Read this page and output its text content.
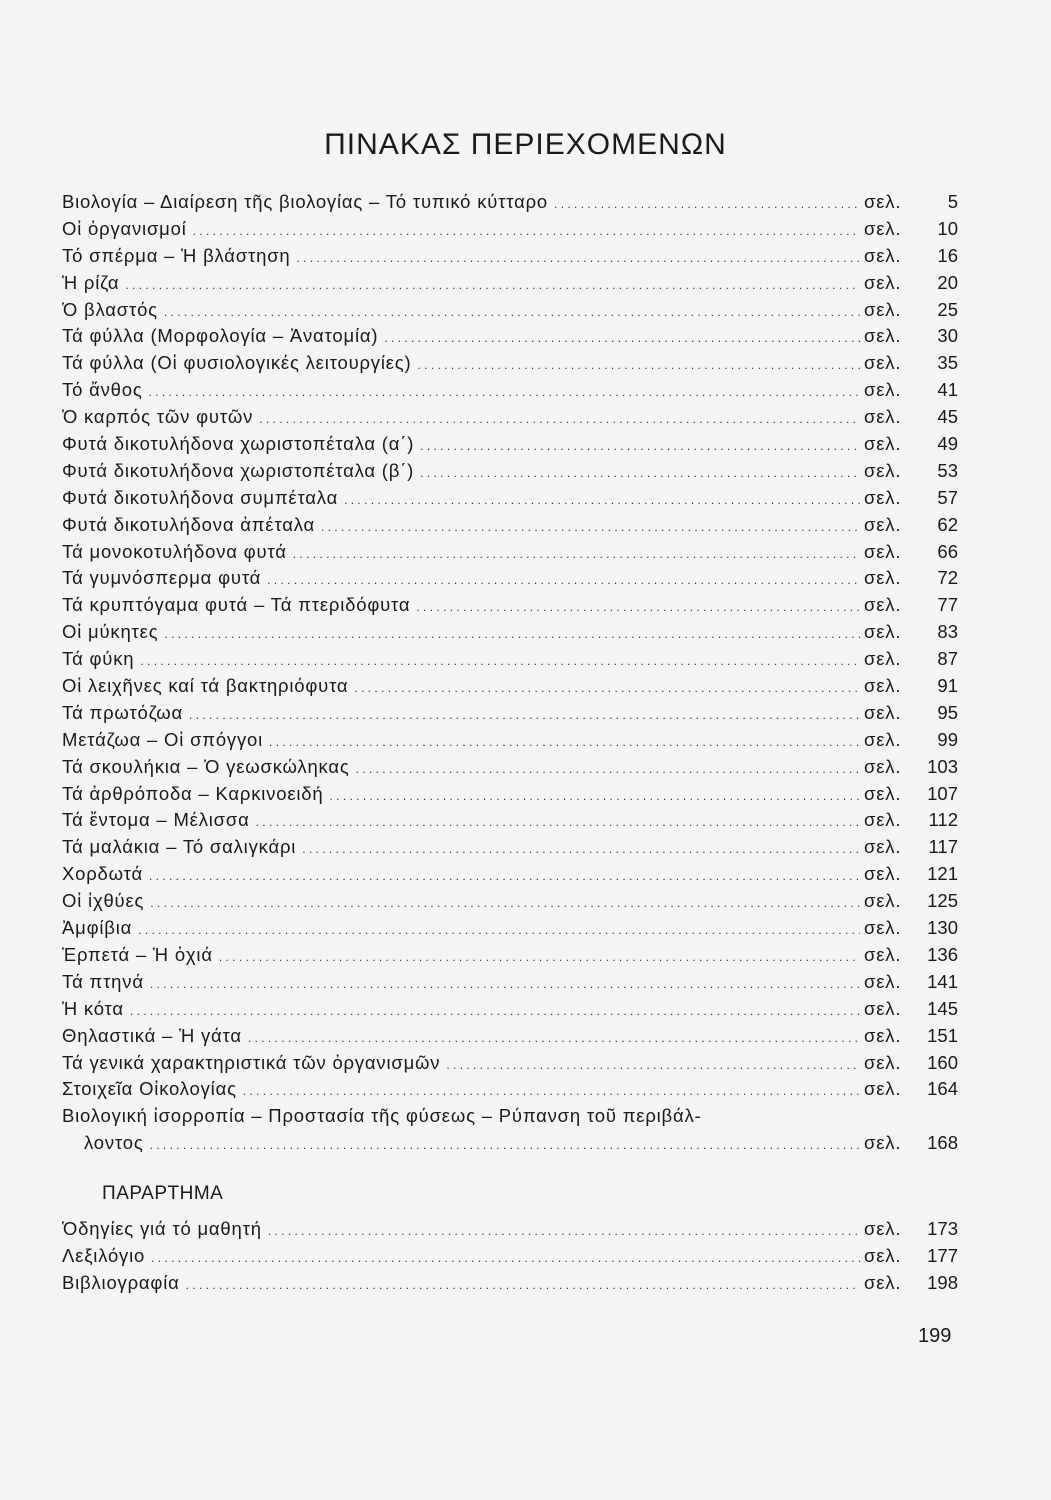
ΠΙΝΑΚΑΣ ΠΕΡΙΕΧΟΜΕΝΩΝ
Βιολογία – Διαίρεση τῆς βιολογίας – Τό τυπικό κύτταρο . . .	σελ.	5
Οἱ ὀργανισμοί . . .	σελ.	10
Τό σπέρμα – Ἡ βλάστηση . . .	σελ.	16
Ἡ ρίζα . . .	σελ.	20
Ὁ βλαστός . . .	σελ.	25
Τά φύλλα (Μορφολογία – Ἀνατομία) . . .	σελ.	30
Τά φύλλα (Οἱ φυσιολογικές λειτουργίες) . . .	σελ.	35
Τό ἄνθος . . .	σελ.	41
Ὁ καρπός τῶν φυτῶν . . .	σελ.	45
Φυτά δικοτυλήδονα χωριστοπέταλα (α΄) . . .	σελ.	49
Φυτά δικοτυλήδονα χωριστοπέταλα (β΄) . . .	σελ.	53
Φυτά δικοτυλήδονα συμπέταλα . . .	σελ.	57
Φυτά δικοτυλήδονα ἀπέταλα . . .	σελ.	62
Τά μονοκοτυλήδονα φυτά . . .	σελ.	66
Τά γυμνόσπερμα φυτά . . .	σελ.	72
Τά κρυπτόγαμα φυτά – Τά πτεριδόφυτα . . .	σελ.	77
Οἱ μύκητες . . .	σελ.	83
Τά φύκη . . .	σελ.	87
Οἱ λειχῆνες καί τά βακτηριόφυτα . . .	σελ.	91
Τά πρωτόζωα . . .	σελ.	95
Μετάζωα – Οἱ σπόγγοι . . .	σελ.	99
Τά σκουλήκια – Ὁ γεωσκώληκας . . .	σελ.	103
Τά ἀρθρόποδα – Καρκινοειδή . . .	σελ.	107
Τά ἔντομα – Μέλισσα . . .	σελ.	112
Τά μαλάκια – Τό σαλιγκάρι . . .	σελ.	117
Χορδωτά . . .	σελ.	121
Οἱ ἰχθύες . . .	σελ.	125
Ἀμφίβια . . .	σελ.	130
Ἑρπετά – Ἡ ὀχιά . . .	σελ.	136
Τά πτηνά . . .	σελ.	141
Ἡ κότα . . .	σελ.	145
Θηλαστικά – Ἡ γάτα . . .	σελ.	151
Τά γενικά χαρακτηριστικά τῶν ὀργανισμῶν . . .	σελ.	160
Στοιχεῖα Οἰκολογίας . . .	σελ.	164
Βιολογική ἰσορροπία – Προστασία τῆς φύσεως – Ρύπανση τοῦ περιβάλ-
λοντος . . .	σελ.	168
ΠΑΡΑΡΤΗΜΑ
Ὁδηγίες γιά τό μαθητή . . .	σελ.	173
Λεξιλόγιο . . .	σελ.	177
Βιβλιογραφία . . .	σελ.	198
199
